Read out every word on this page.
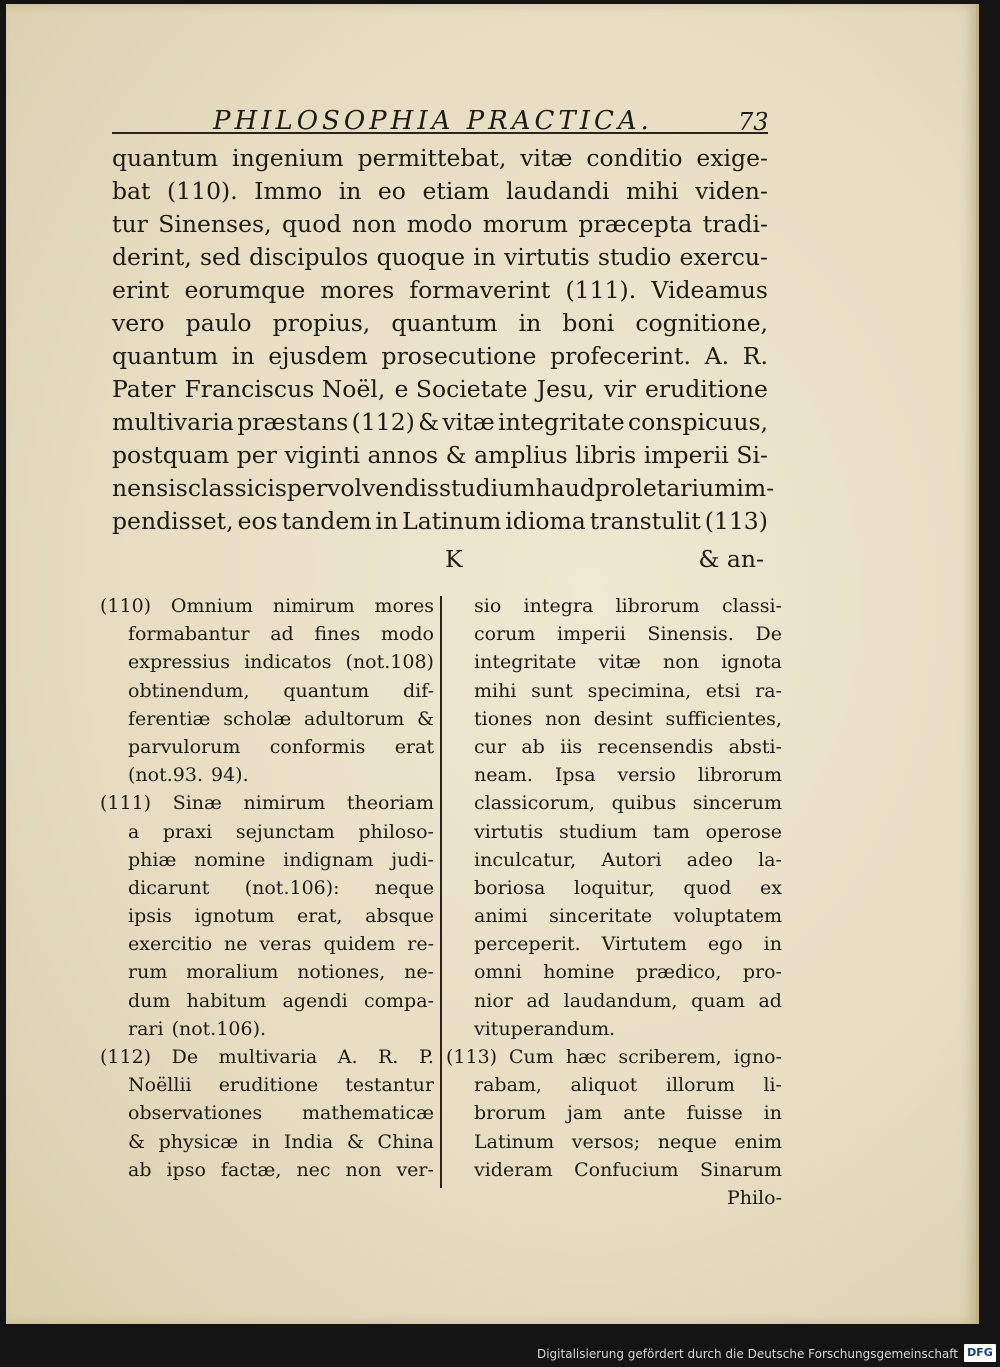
PHILOSOPHIA PRACTICA.	73
quantum ingenium permittebat, vitæ conditio exige-
bat (110). Immo in eo etiam laudandi mihi viden-
tur Sinenses, quod non modo morum præcepta tradi-
derint, sed discipulos quoque in virtutis studio exercu-
erint eorumque mores formaverint (111). Videamus
vero paulo propius, quantum in boni cognitione,
quantum in ejusdem prosecutione profecerint. A. R.
Pater Franciscus Noël, e Societate Jesu, vir eruditione
multivaria præstans (112) & vitæ integritate conspicuus,
postquam per viginti annos & amplius libris imperii Si-
nensis classicis pervolvendis studium haud proletarium im-
pendisset, eos tandem in Latinum idioma transtulit (113)
K	& an-
(110) Omnium nimirum mores
formabantur ad fines modo
expressius indicatos (not.108)
obtinendum, quantum dif-
ferentiæ scholæ adultorum &
parvulorum conformis erat
(not.93. 94).
(111) Sinæ nimirum theoriam
a praxi sejunctam philoso-
phiæ nomine indignam judi-
dicarunt (not.106): neque
ipsis ignotum erat, absque
exercitio ne veras quidem re-
rum moralium notiones, ne-
dum habitum agendi compa-
rari (not.106).
(112) De multivaria A. R. P.
Noëllii eruditione testantur
observationes mathematicæ
& physicæ in India & China
ab ipso factæ, nec non ver-
sio integra librorum classi-
corum imperii Sinensis. De
integritate vitæ non ignota
mihi sunt specimina, etsi ra-
tiones non desint sufficientes,
cur ab iis recensendis absti-
neam. Ipsa versio librorum
classicorum, quibus sincerum
virtutis studium tam operose
inculcatur, Autori adeo la-
boriosa loquitur, quod ex
animi sinceritate voluptatem
perceperit. Virtutem ego in
omni homine prædico, pro-
nior ad laudandum, quam ad
vituperandum.
(113) Cum hæc scriberem, igno-
rabam, aliquot illorum li-
brorum jam ante fuisse in
Latinum versos; neque enim
videram Confucium Sinarum
Philo-
Digitalisierung gefördert durch die Deutsche Forschungsgemeinschaft DFG
